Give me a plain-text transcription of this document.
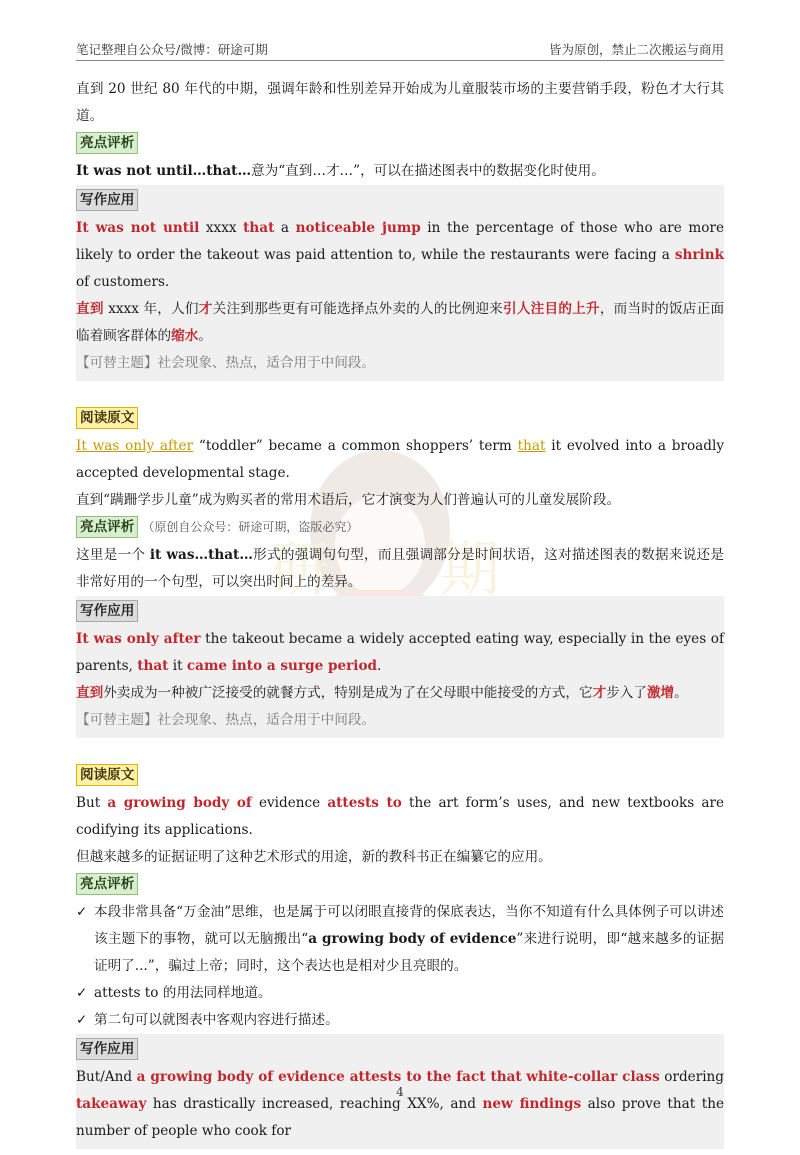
笔记整理自公众号/微博：研途可期	皆为原创，禁止二次搬运与商用
研 期

直到 20 世纪 80 年代的中期，强调年龄和性别差异开始成为儿童服装市场的主要营销手段，粉色才大行其道。

亮点评析

It was not until…that…意为“直到…才…”，可以在描述图表中的数据变化时使用。

写作应用

It was not until xxxx that a noticeable jump in the percentage of those who are more likely to order the takeout was paid attention to, while the restaurants were facing a shrink of customers.

直到 xxxx 年，人们才关注到那些更有可能选择点外卖的人的比例迎来引人注目的上升，而当时的饭店正面临着顾客群体的缩水。

【可替主题】社会现象、热点，适合用于中间段。

阅读原文

It was only after “toddler” became a common shoppers’ term that it evolved into a broadly accepted developmental stage.

直到“蹒跚学步儿童”成为购买者的常用术语后，它才演变为人们普遍认可的儿童发展阶段。

亮点评析 （原创自公众号：研途可期，盗版必究）

这里是一个 it was…that…形式的强调句句型，而且强调部分是时间状语，这对描述图表的数据来说还是非常好用的一个句型，可以突出时间上的差异。

写作应用

It was only after the takeout became a widely accepted eating way, especially in the eyes of parents, that it came into a surge period.

直到外卖成为一种被广泛接受的就餐方式，特别是成为了在父母眼中能接受的方式，它才步入了激增。

【可替主题】社会现象、热点，适合用于中间段。

阅读原文

But a growing body of evidence attests to the art form’s uses, and new textbooks are codifying its applications.

但越来越多的证据证明了这种艺术形式的用途，新的教科书正在编纂它的应用。

亮点评析

✓ 本段非常具备“万金油”思维，也是属于可以闭眼直接背的保底表达，当你不知道有什么具体例子可以讲述该主题下的事物，就可以无脑搬出“a growing body of evidence”来进行说明，即“越来越多的证据证明了...”，骗过上帝；同时，这个表达也是相对少且亮眼的。

✓ attests to 的用法同样地道。

✓ 第二句可以就图表中客观内容进行描述。

写作应用

But/And a growing body of evidence attests to the fact that white-collar class ordering takeaway has drastically increased, reaching XX%, and new findings also prove that the number of people who cook for

4
